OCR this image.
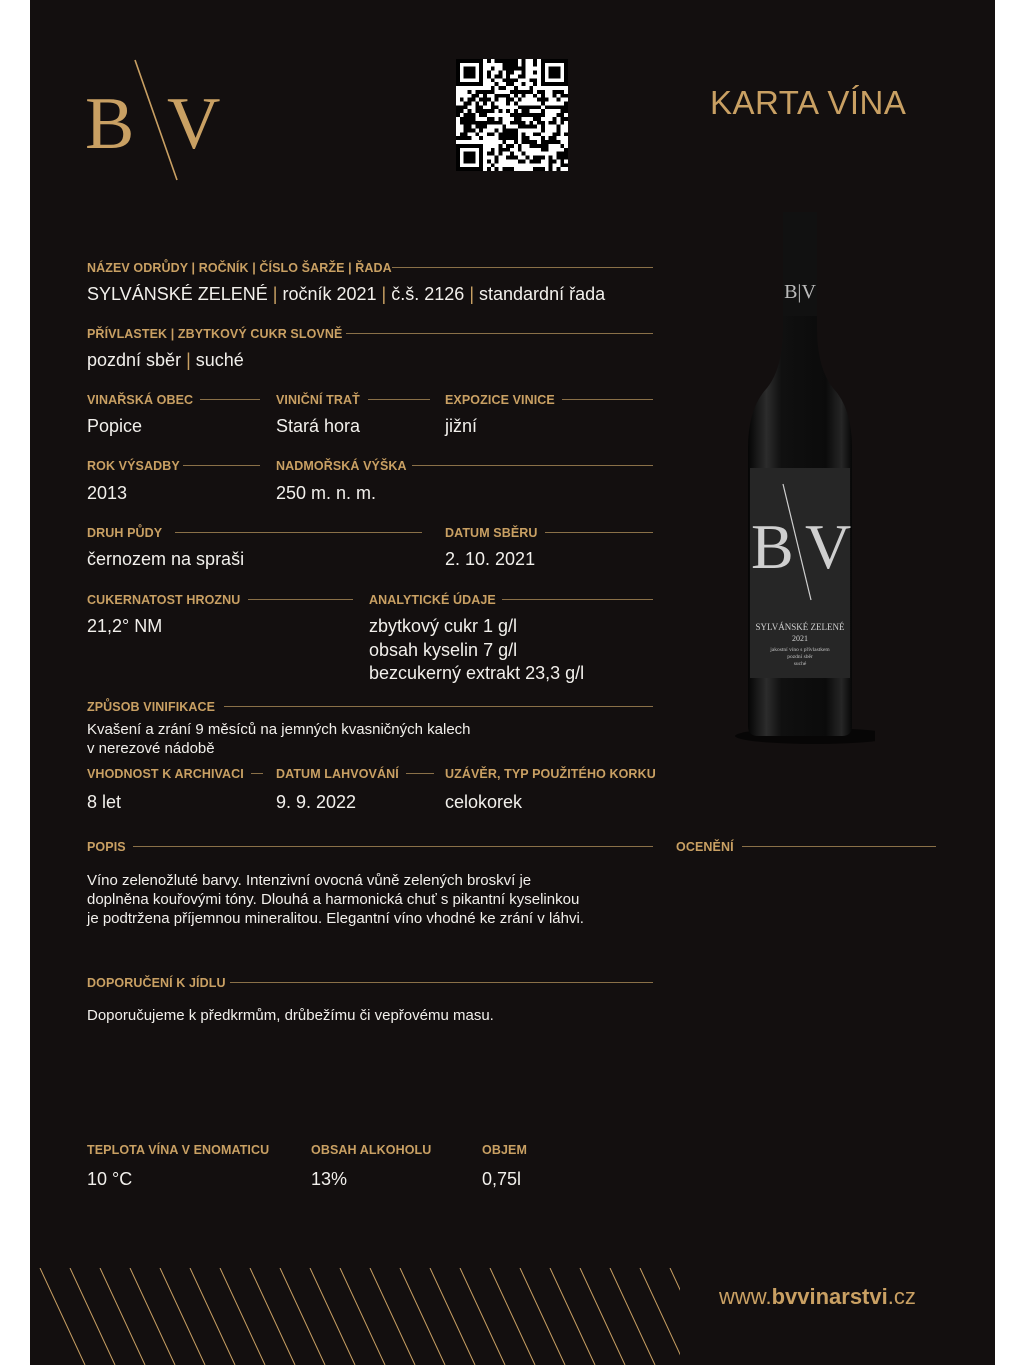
B V	KARTA VÍNA
B|V
B V
SYLVÁNSKÉ ZELENÉ
2021
jakostní víno s přívlastkem
pozdní sběr
suché
NÁZEV ODRŮDY | ROČNÍK | ČÍSLO ŠARŽE | ŘADA
SYLVÁNSKÉ ZELENÉ | ročník 2021 | č.š. 2126 | standardní řada
PŘÍVLASTEK | ZBYTKOVÝ CUKR SLOVNĚ
pozdní sběr | suché
VINAŘSKÁ OBEC
Popice
VINIČNÍ TRAŤ
Stará hora
EXPOZICE VINICE
jižní
ROK VÝSADBY
2013
NADMOŘSKÁ VÝŠKA
250 m. n. m.
DRUH PŮDY
černozem na spraši
DATUM SBĚRU
2. 10. 2021
CUKERNATOST HROZNU
21,2° NM
ANALYTICKÉ ÚDAJE
zbytkový cukr 1 g/l
obsah kyselin 7 g/l
bezcukerný extrakt 23,3 g/l
ZPŮSOB VINIFIKACE
Kvašení a zrání 9 měsíců na jemných kvasničných kalech
v nerezové nádobě
VHODNOST K ARCHIVACI
8 let
DATUM LAHVOVÁNÍ
9. 9. 2022
UZÁVĚR, TYP POUŽITÉHO KORKU
celokorek
POPIS
Víno zelenožluté barvy. Intenzivní ovocná vůně zelených broskví je
doplněna kouřovými tóny. Dlouhá a harmonická chuť s pikantní kyselinkou
je podtržena příjemnou mineralitou. Elegantní víno vhodné ke zrání v láhvi.
OCENĚNÍ
DOPORUČENÍ K JÍDLU
Doporučujeme k předkrmům, drůbežímu či vepřovému masu.
TEPLOTA VÍNA V ENOMATICU
10 °C
OBSAH ALKOHOLU
13%
OBJEM
0,75l
www.bvvinarstvi.cz
